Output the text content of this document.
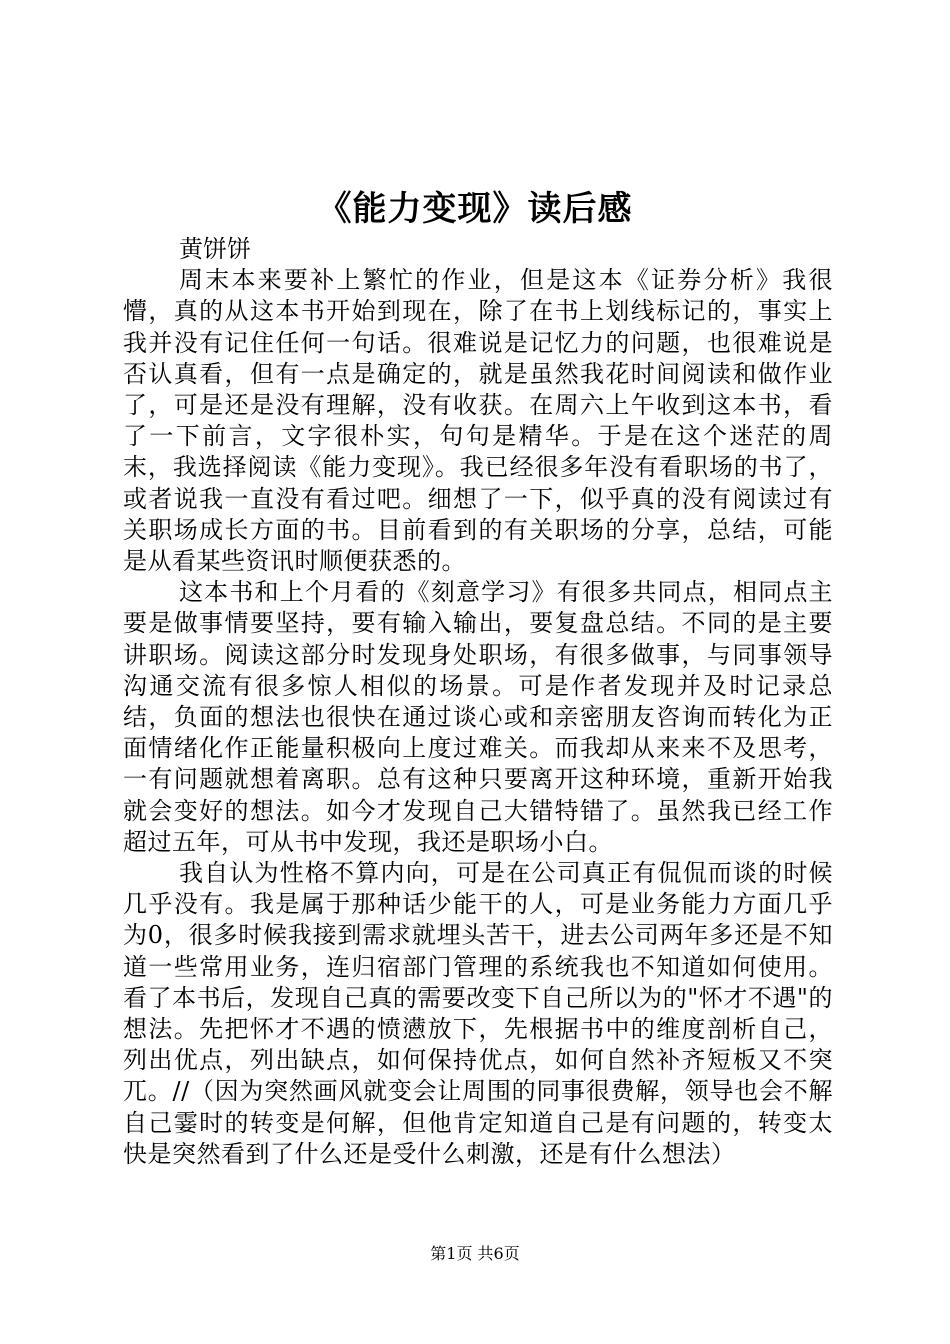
《能力变现》读后感

黄饼饼

周末本来要补上繁忙的作业，但是这本《证券分析》我很懵，真的从这本书开始到现在，除了在书上划线标记的，事实上我并没有记住任何一句话。很难说是记忆力的问题，也很难说是否认真看，但有一点是确定的，就是虽然我花时间阅读和做作业了，可是还是没有理解，没有收获。在周六上午收到这本书，看了一下前言，文字很朴实，句句是精华。于是在这个迷茫的周末，我选择阅读《能力变现》。我已经很多年没有看职场的书了，或者说我一直没有看过吧。细想了一下，似乎真的没有阅读过有关职场成长方面的书。目前看到的有关职场的分享，总结，可能是从看某些资讯时顺便获悉的。

这本书和上个月看的《刻意学习》有很多共同点，相同点主要是做事情要坚持，要有输入输出，要复盘总结。不同的是主要讲职场。阅读这部分时发现身处职场，有很多做事，与同事领导沟通交流有很多惊人相似的场景。可是作者发现并及时记录总结，负面的想法也很快在通过谈心或和亲密朋友咨询而转化为正面情绪化作正能量积极向上度过难关。而我却从来来不及思考，一有问题就想着离职。总有这种只要离开这种环境，重新开始我就会变好的想法。如今才发现自己大错特错了。虽然我已经工作超过五年，可从书中发现，我还是职场小白。

我自认为性格不算内向，可是在公司真正有侃侃而谈的时候几乎没有。我是属于那种话少能干的人，可是业务能力方面几乎为0，很多时候我接到需求就埋头苦干，进去公司两年多还是不知道一些常用业务，连归宿部门管理的系统我也不知道如何使用。看了本书后，发现自己真的需要改变下自己所以为的"怀才不遇"的想法。先把怀才不遇的愤懑放下，先根据书中的维度剖析自己，列出优点，列出缺点，如何保持优点，如何自然补齐短板又不突兀。//（因为突然画风就变会让周围的同事很费解，领导也会不解自己霎时的转变是何解，但他肯定知道自己是有问题的，转变太快是突然看到了什么还是受什么刺激，还是有什么想法）

第1页 共6页
